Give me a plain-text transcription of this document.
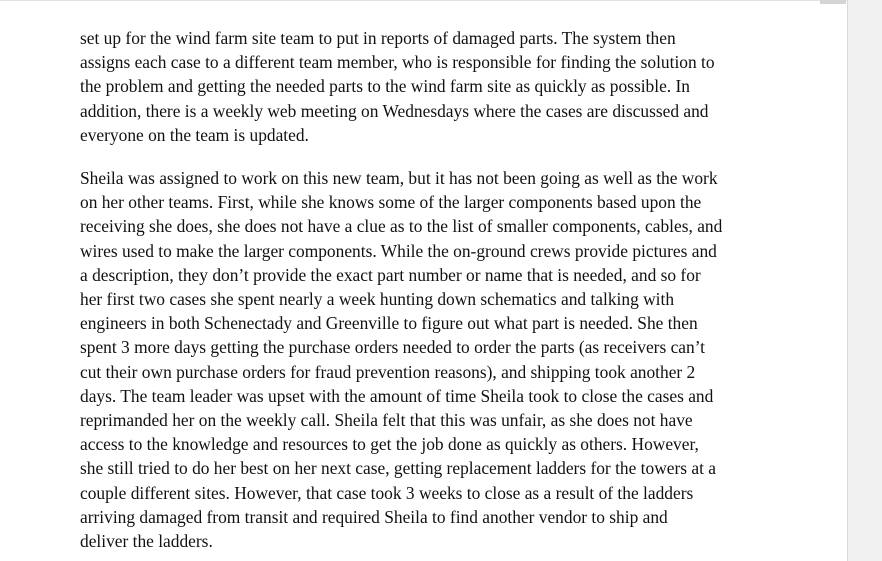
set up for the wind farm site team to put in reports of damaged parts. The system then
assigns each case to a different team member, who is responsible for finding the solution to
the problem and getting the needed parts to the wind farm site as quickly as possible. In
addition, there is a weekly web meeting on Wednesdays where the cases are discussed and
everyone on the team is updated.

Sheila was assigned to work on this new team, but it has not been going as well as the work
on her other teams. First, while she knows some of the larger components based upon the
receiving she does, she does not have a clue as to the list of smaller components, cables, and
wires used to make the larger components. While the on-ground crews provide pictures and
a description, they don’t provide the exact part number or name that is needed, and so for
her first two cases she spent nearly a week hunting down schematics and talking with
engineers in both Schenectady and Greenville to figure out what part is needed. She then
spent 3 more days getting the purchase orders needed to order the parts (as receivers can’t
cut their own purchase orders for fraud prevention reasons), and shipping took another 2
days. The team leader was upset with the amount of time Sheila took to close the cases and
reprimanded her on the weekly call. Sheila felt that this was unfair, as she does not have
access to the knowledge and resources to get the job done as quickly as others. However,
she still tried to do her best on her next case, getting replacement ladders for the towers at a
couple different sites. However, that case took 3 weeks to close as a result of the ladders
arriving damaged from transit and required Sheila to find another vendor to ship and
deliver the ladders.
